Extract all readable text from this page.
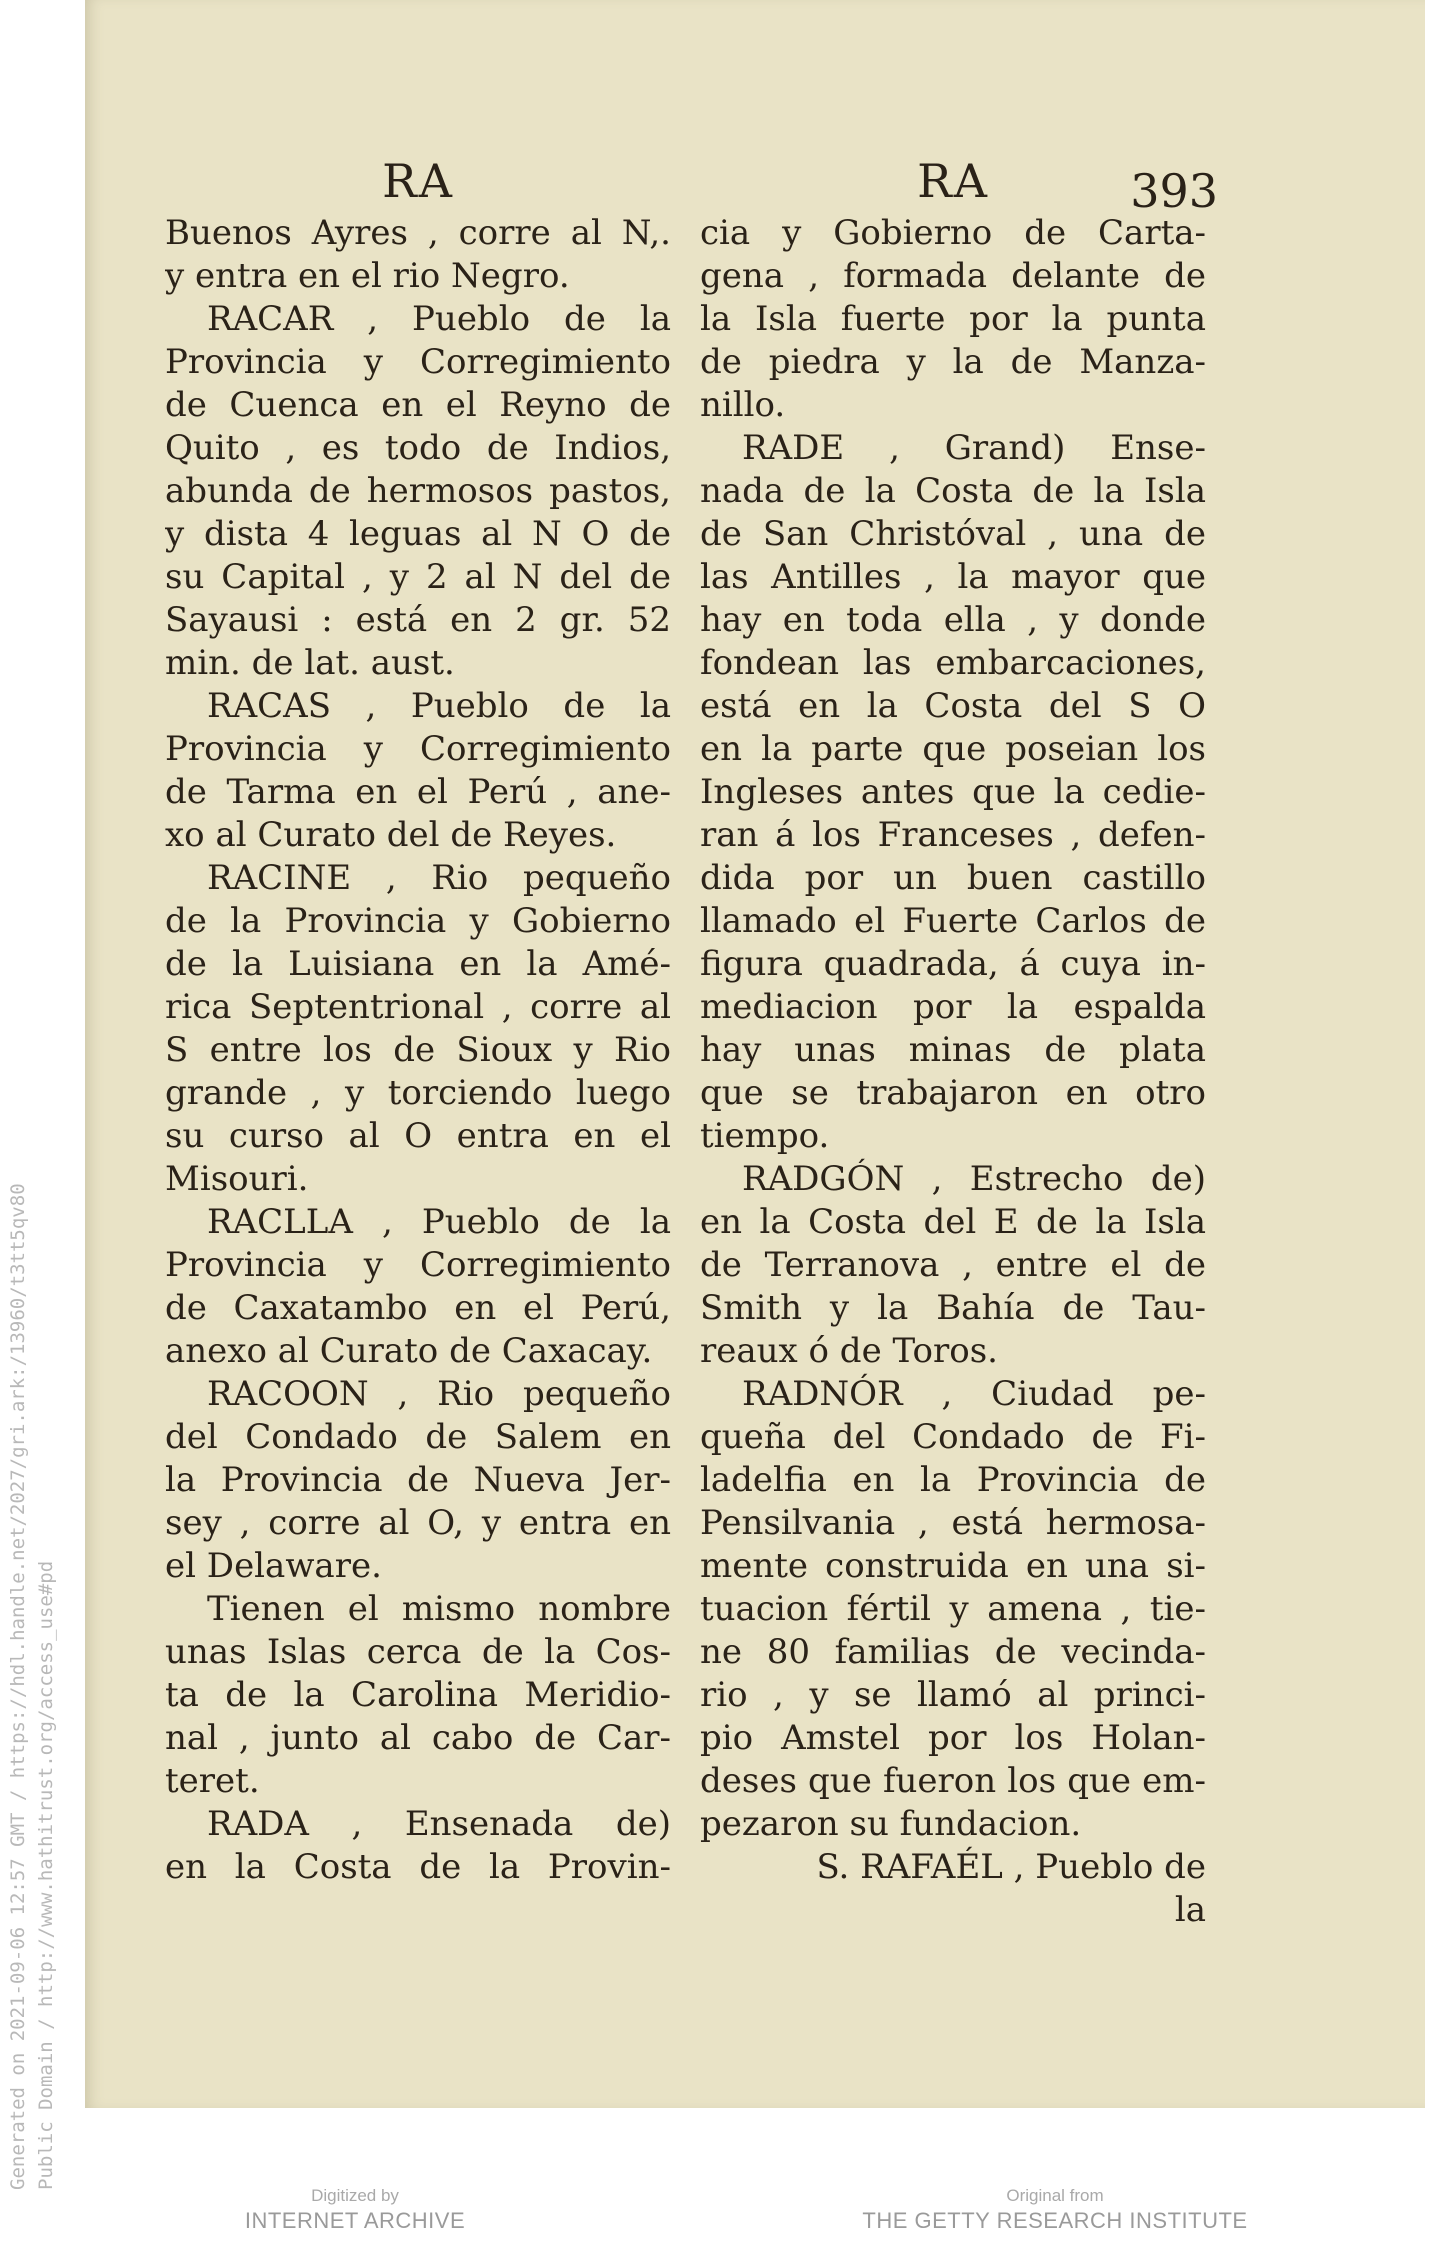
Generated on 2021-09-06 12:57 GMT / https://hdl.handle.net/2027/gri.ark:/13960/t3tt5qv80 Public Domain / http://www.hathitrust.org/access_use#pd
RA
Buenos Ayres , corre al N,.
y entra en el rio Negro.
RACAR , Pueblo de la
Provincia y Corregimiento
de Cuenca en el Reyno de
Quito , es todo de Indios,
abunda de hermosos pastos,
y dista 4 leguas al N O de
su Capital , y 2 al N del de
Sayausi : está en 2 gr. 52
min. de lat. aust.
RACAS , Pueblo de la
Provincia y Corregimiento
de Tarma en el Perú , ane-
xo al Curato del de Reyes.
RACINE , Rio pequeño
de la Provincia y Gobierno
de la Luisiana en la Amé-
rica Septentrional , corre al
S entre los de Sioux y Rio
grande , y torciendo luego
su curso al O entra en el
Misouri.
RACLLA , Pueblo de la
Provincia y Corregimiento
de Caxatambo en el Perú,
anexo al Curato de Caxacay.
RACOON , Rio pequeño
del Condado de Salem en
la Provincia de Nueva Jer-
sey , corre al O, y entra en
el Delaware.
Tienen el mismo nombre
unas Islas cerca de la Cos-
ta de la Carolina Meridio-
nal , junto al cabo de Car-
teret.
RADA , Ensenada de)
en la Costa de la Provin-
RA	393
cia y Gobierno de Carta-
gena , formada delante de
la Isla fuerte por la punta
de piedra y la de Manza-
nillo.
RADE , Grand) Ense-
nada de la Costa de la Isla
de San Christóval , una de
las Antilles , la mayor que
hay en toda ella , y donde
fondean las embarcaciones,
está en la Costa del S O
en la parte que poseian los
Ingleses antes que la cedie-
ran á los Franceses , defen-
dida por un buen castillo
llamado el Fuerte Carlos de
figura quadrada, á cuya in-
mediacion por la espalda
hay unas minas de plata
que se trabajaron en otro
tiempo.
RADGÓN , Estrecho de)
en la Costa del E de la Isla
de Terranova , entre el de
Smith y la Bahía de Tau-
reaux ó de Toros.
RADNÓR , Ciudad pe-
queña del Condado de Fi-
ladelfia en la Provincia de
Pensilvania , está hermosa-
mente construida en una si-
tuacion fértil y amena , tie-
ne 80 familias de vecinda-
rio , y se llamó al princi-
pio Amstel por los Holan-
deses que fueron los que em-
pezaron su fundacion.
S. RAFAÉL , Pueblo de
la
Digitized by
INTERNET ARCHIVE
Original from
THE GETTY RESEARCH INSTITUTE
